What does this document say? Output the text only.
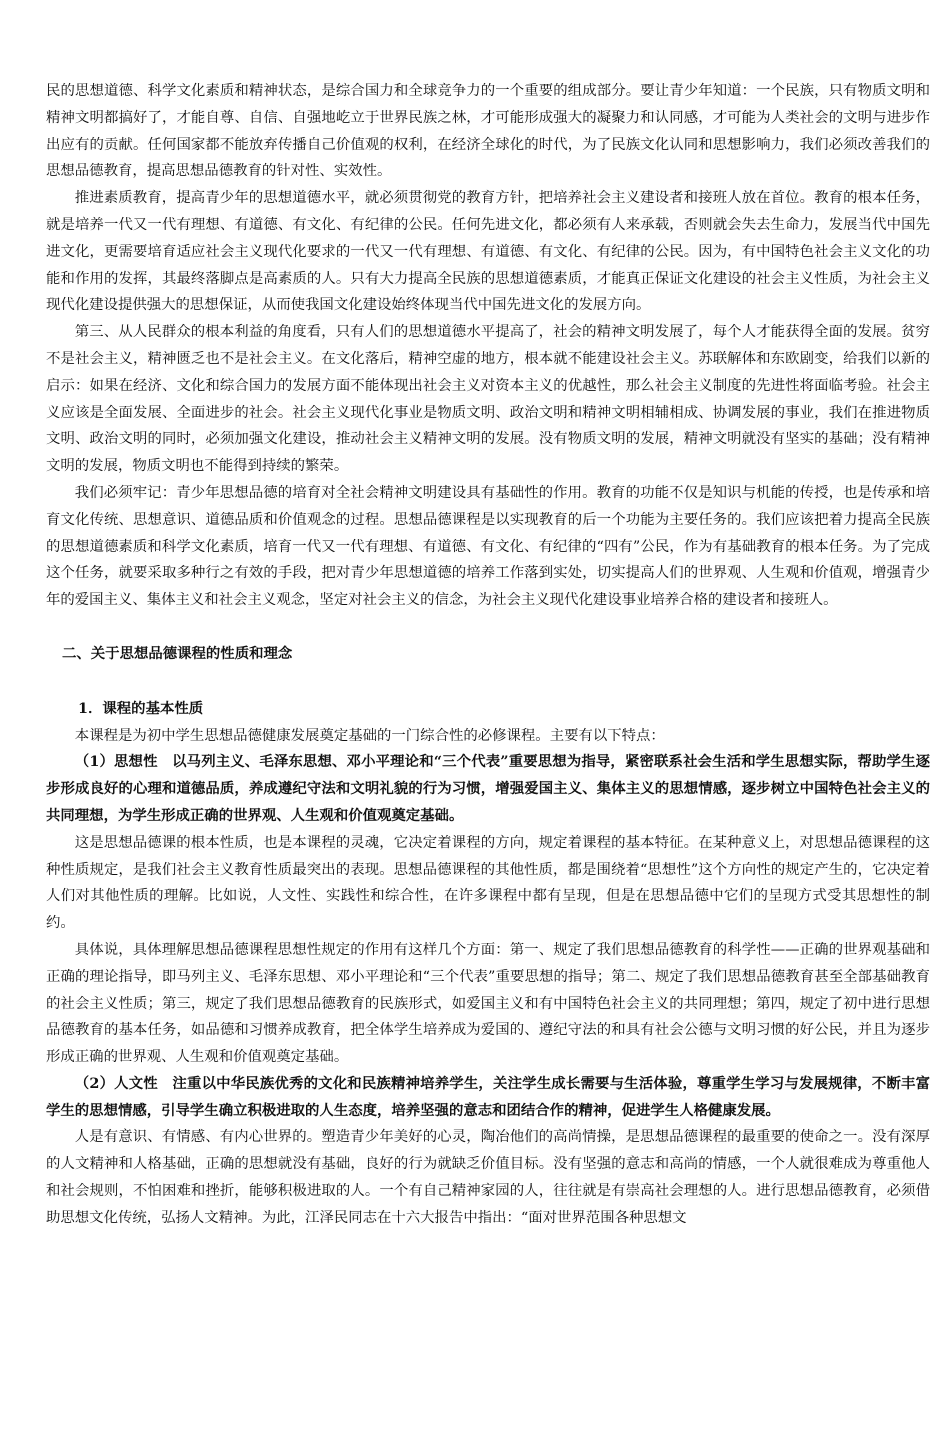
民的思想道德、科学文化素质和精神状态，是综合国力和全球竞争力的一个重要的组成部分。要让青少年知道：一个民族，只有物质文明和精神文明都搞好了，才能自尊、自信、自强地屹立于世界民族之林，才可能形成强大的凝聚力和认同感，才可能为人类社会的文明与进步作出应有的贡献。任何国家都不能放弃传播自己价值观的权利，在经济全球化的时代，为了民族文化认同和思想影响力，我们必须改善我们的思想品德教育，提高思想品德教育的针对性、实效性。

推进素质教育，提高青少年的思想道德水平，就必须贯彻党的教育方针，把培养社会主义建设者和接班人放在首位。教育的根本任务，就是培养一代又一代有理想、有道德、有文化、有纪律的公民。任何先进文化，都必须有人来承载，否则就会失去生命力，发展当代中国先进文化，更需要培育适应社会主义现代化要求的一代又一代有理想、有道德、有文化、有纪律的公民。因为，有中国特色社会主义文化的功能和作用的发挥，其最终落脚点是高素质的人。只有大力提高全民族的思想道德素质，才能真正保证文化建设的社会主义性质，为社会主义现代化建设提供强大的思想保证，从而使我国文化建设始终体现当代中国先进文化的发展方向。

第三、从人民群众的根本利益的角度看，只有人们的思想道德水平提高了，社会的精神文明发展了，每个人才能获得全面的发展。贫穷不是社会主义，精神匮乏也不是社会主义。在文化落后，精神空虚的地方，根本就不能建设社会主义。苏联解体和东欧剧变，给我们以新的启示：如果在经济、文化和综合国力的发展方面不能体现出社会主义对资本主义的优越性，那么社会主义制度的先进性将面临考验。社会主义应该是全面发展、全面进步的社会。社会主义现代化事业是物质文明、政治文明和精神文明相辅相成、协调发展的事业，我们在推进物质文明、政治文明的同时，必须加强文化建设，推动社会主义精神文明的发展。没有物质文明的发展，精神文明就没有坚实的基础；没有精神文明的发展，物质文明也不能得到持续的繁荣。

我们必须牢记：青少年思想品德的培育对全社会精神文明建设具有基础性的作用。教育的功能不仅是知识与机能的传授，也是传承和培育文化传统、思想意识、道德品质和价值观念的过程。思想品德课程是以实现教育的后一个功能为主要任务的。我们应该把着力提高全民族的思想道德素质和科学文化素质，培育一代又一代有理想、有道德、有文化、有纪律的“四有”公民，作为有基础教育的根本任务。为了完成这个任务，就要采取多种行之有效的手段，把对青少年思想道德的培养工作落到实处，切实提高人们的世界观、人生观和价值观，增强青少年的爱国主义、集体主义和社会主义观念，坚定对社会主义的信念，为社会主义现代化建设事业培养合格的建设者和接班人。

二、关于思想品德课程的性质和理念
1．课程的基本性质

本课程是为初中学生思想品德健康发展奠定基础的一门综合性的必修课程。主要有以下特点：

（1）思想性　以马列主义、毛泽东思想、邓小平理论和“三个代表”重要思想为指导，紧密联系社会生活和学生思想实际，帮助学生逐步形成良好的心理和道德品质，养成遵纪守法和文明礼貌的行为习惯，增强爱国主义、集体主义的思想情感，逐步树立中国特色社会主义的共同理想，为学生形成正确的世界观、人生观和价值观奠定基础。

这是思想品德课的根本性质，也是本课程的灵魂，它决定着课程的方向，规定着课程的基本特征。在某种意义上，对思想品德课程的这种性质规定，是我们社会主义教育性质最突出的表现。思想品德课程的其他性质，都是围绕着“思想性”这个方向性的规定产生的，它决定着人们对其他性质的理解。比如说，人文性、实践性和综合性，在许多课程中都有呈现，但是在思想品德中它们的呈现方式受其思想性的制约。

具体说，具体理解思想品德课程思想性规定的作用有这样几个方面：第一、规定了我们思想品德教育的科学性——正确的世界观基础和正确的理论指导，即马列主义、毛泽东思想、邓小平理论和“三个代表”重要思想的指导；第二、规定了我们思想品德教育甚至全部基础教育的社会主义性质；第三，规定了我们思想品德教育的民族形式，如爱国主义和有中国特色社会主义的共同理想；第四，规定了初中进行思想品德教育的基本任务，如品德和习惯养成教育，把全体学生培养成为爱国的、遵纪守法的和具有社会公德与文明习惯的好公民，并且为逐步形成正确的世界观、人生观和价值观奠定基础。

（2）人文性　注重以中华民族优秀的文化和民族精神培养学生，关注学生成长需要与生活体验，尊重学生学习与发展规律，不断丰富学生的思想情感，引导学生确立积极进取的人生态度，培养坚强的意志和团结合作的精神，促进学生人格健康发展。

人是有意识、有情感、有内心世界的。塑造青少年美好的心灵，陶冶他们的高尚情操，是思想品德课程的最重要的使命之一。没有深厚的人文精神和人格基础，正确的思想就没有基础，良好的行为就缺乏价值目标。没有坚强的意志和高尚的情感，一个人就很难成为尊重他人和社会规则，不怕困难和挫折，能够积极进取的人。一个有自己精神家园的人，往往就是有崇高社会理想的人。进行思想品德教育，必须借助思想文化传统，弘扬人文精神。为此，江泽民同志在十六大报告中指出：“面对世界范围各种思想文
